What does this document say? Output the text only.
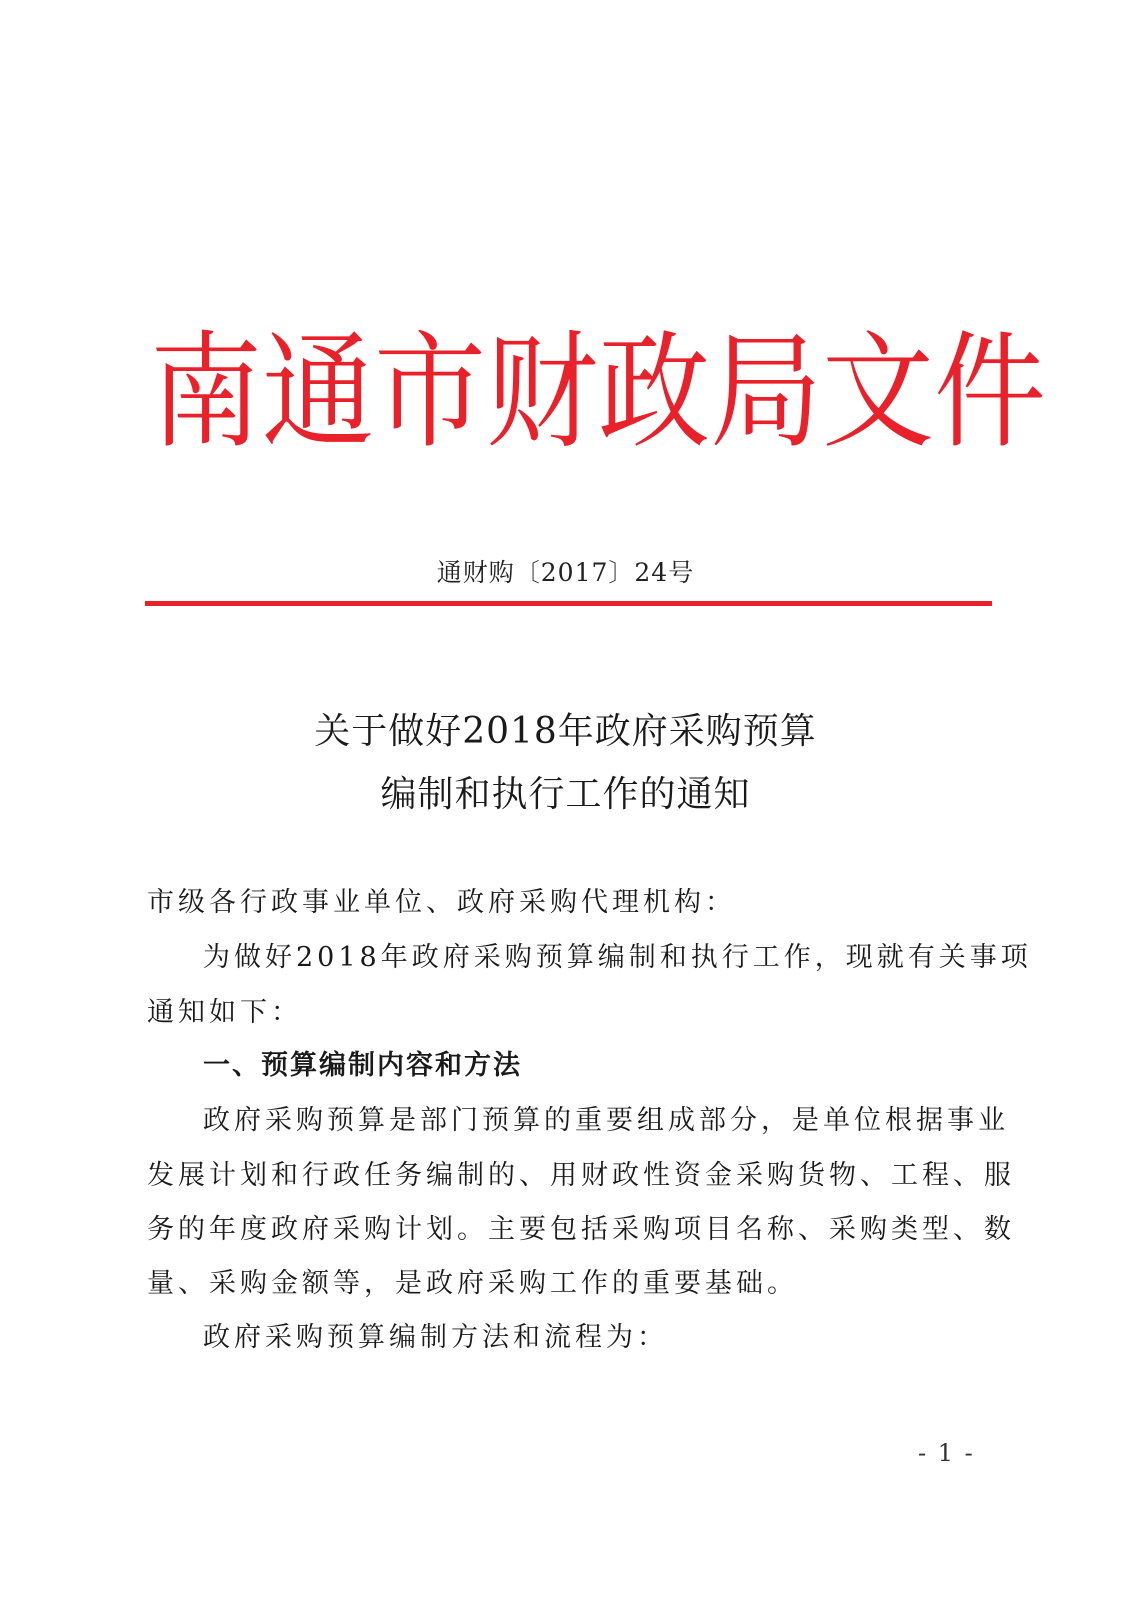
南 通 市 财 政 局 文 件
通财购〔2017〕24号
关于做好2018年政府采购预算
编制和执行工作的通知
市级各行政事业单位、政府采购代理机构：
为做好2018年政府采购预算编制和执行工作，现就有关事项
通知如下：
一、预算编制内容和方法
政府采购预算是部门预算的重要组成部分，是单位根据事业
发展计划和行政任务编制的、用财政性资金采购货物、工程、服
务的年度政府采购计划。主要包括采购项目名称、采购类型、数
量、采购金额等，是政府采购工作的重要基础。
政府采购预算编制方法和流程为：
- 1 -
